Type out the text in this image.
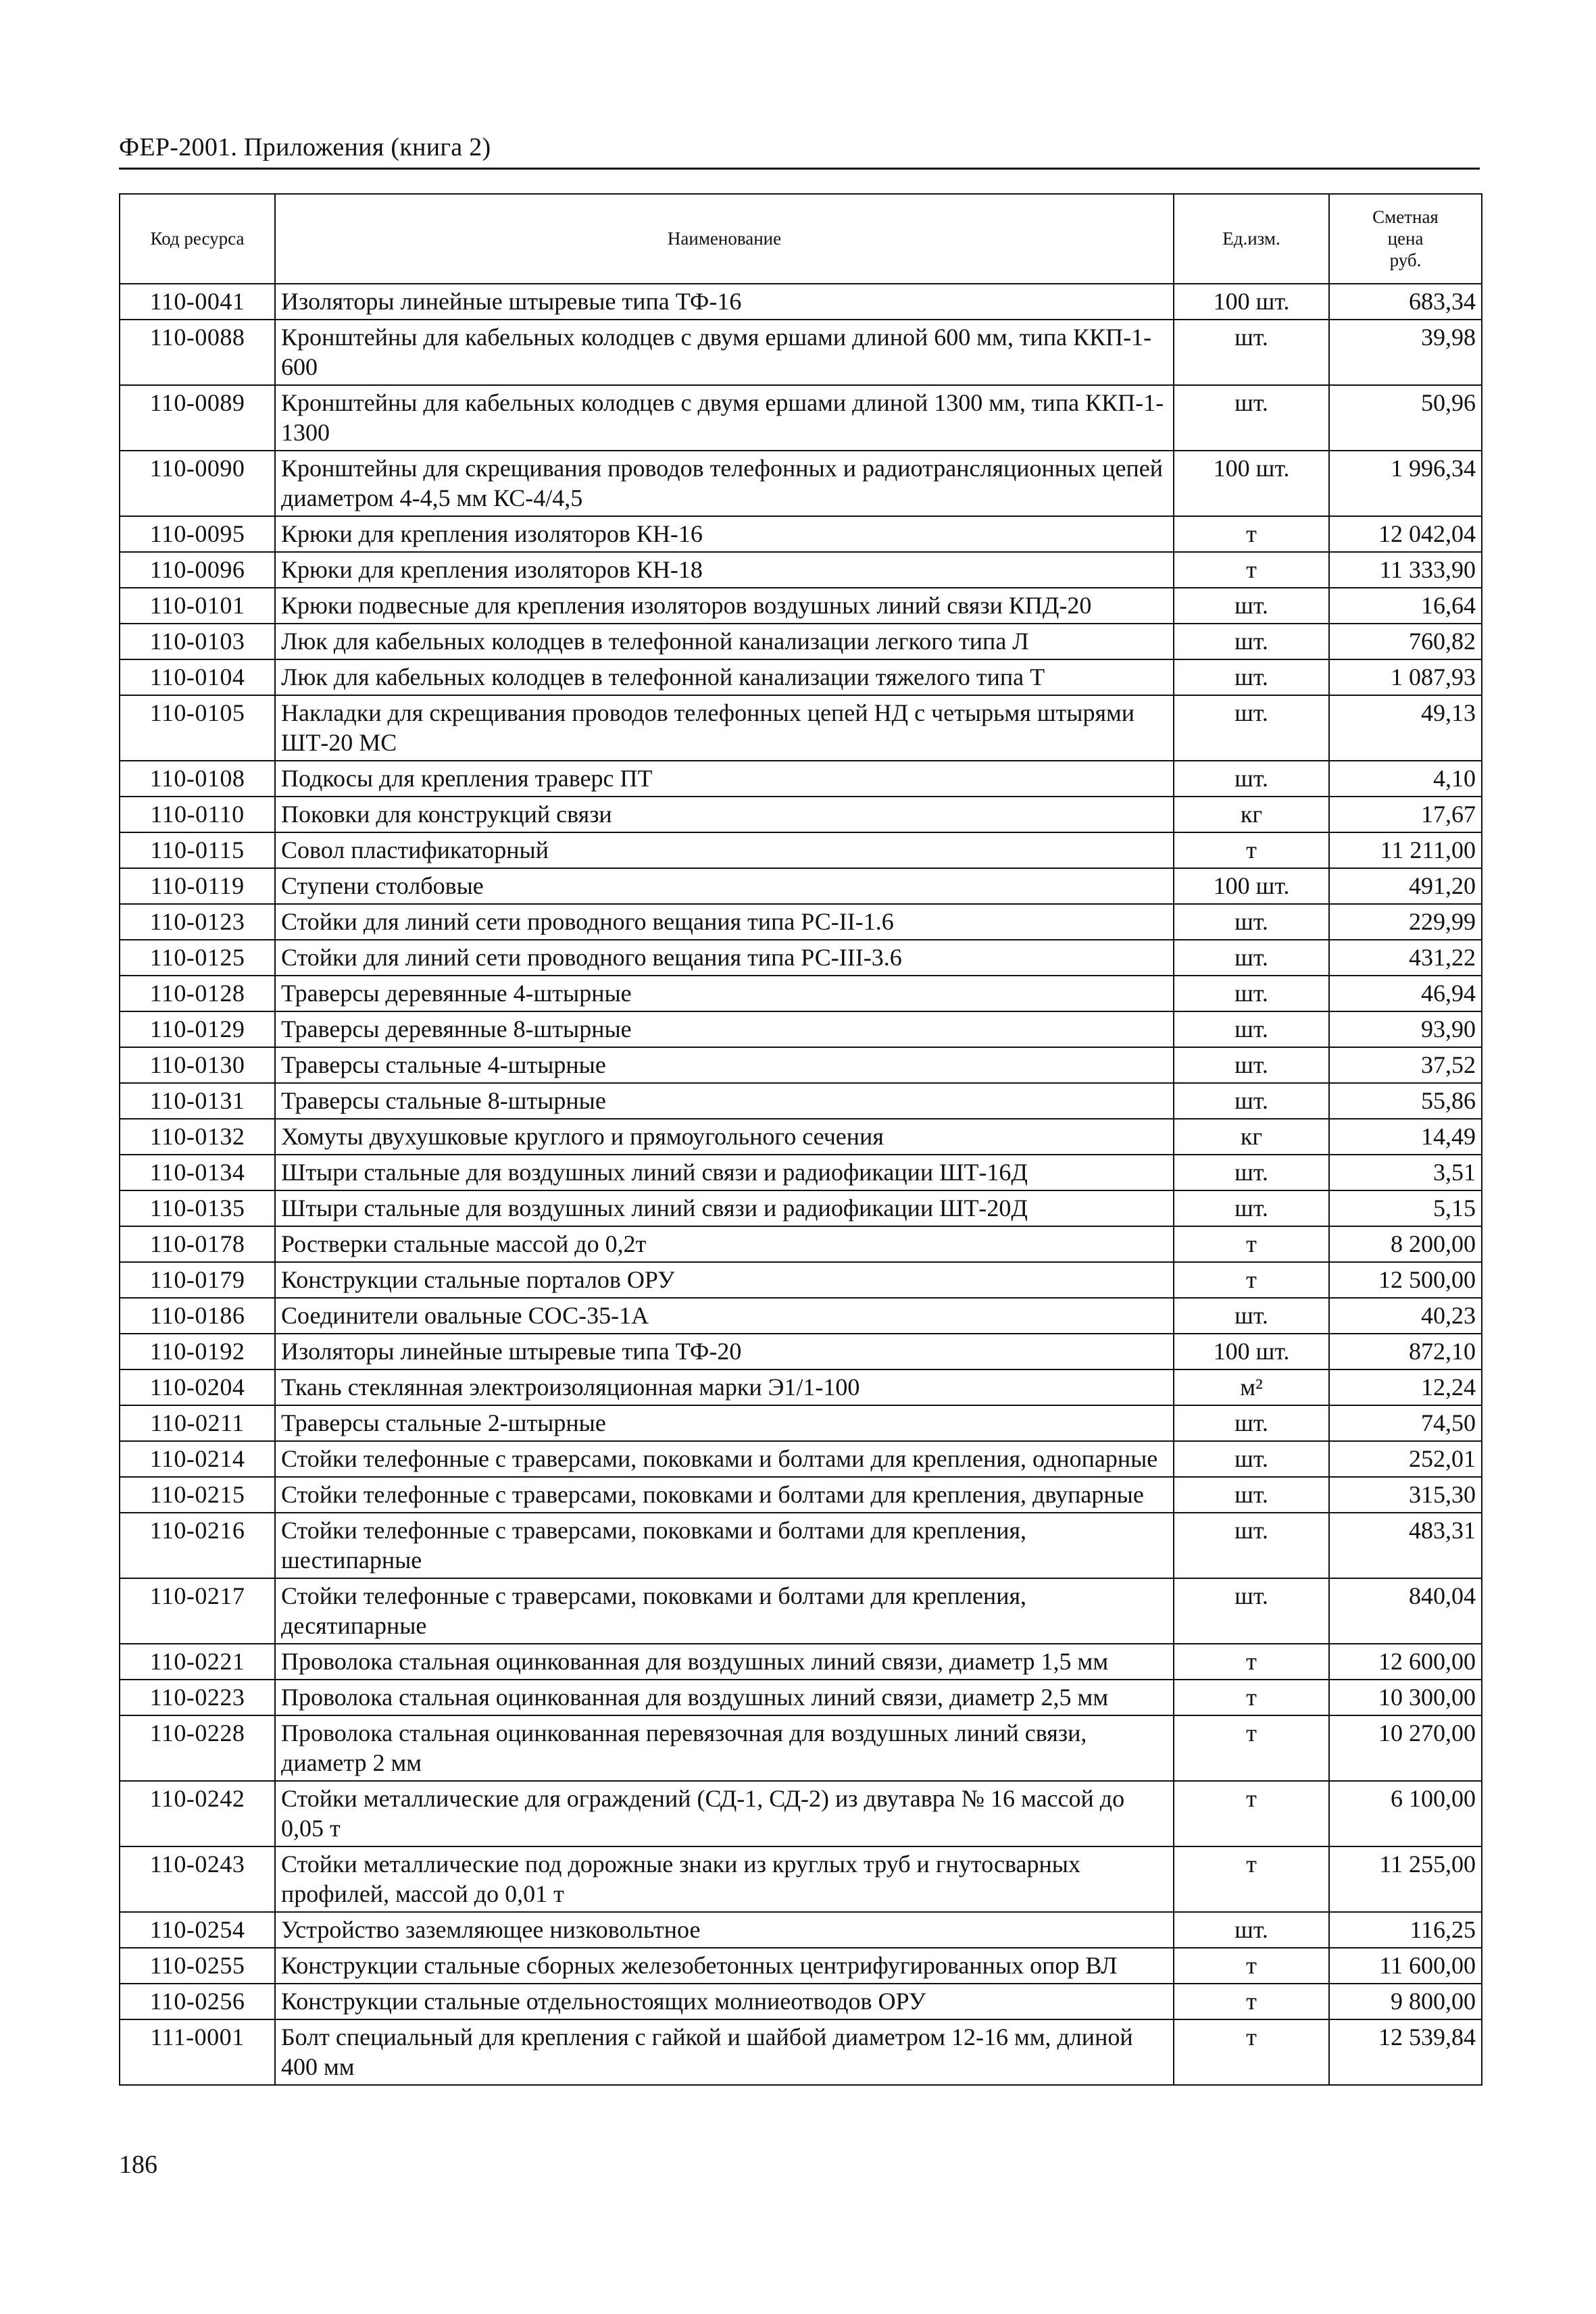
ФЕР-2001. Приложения (книга 2)
Код ресурса	Наименование	Ед.изм.	Сметная
цена
руб.

110-0041	Изоляторы линейные штыревые типа ТФ-16	100 шт.	683,34
110-0088	Кронштейны для кабельных колодцев с двумя ершами длиной 600 мм, типа ККП-1-600	шт.	39,98
110-0089	Кронштейны для кабельных колодцев с двумя ершами длиной 1300 мм, типа ККП-1-1300	шт.	50,96
110-0090	Кронштейны для скрещивания проводов телефонных и радиотрансляционных цепей диаметром 4-4,5 мм КС-4/4,5	100 шт.	1 996,34
110-0095	Крюки для крепления изоляторов КН-16	т	12 042,04
110-0096	Крюки для крепления изоляторов КН-18	т	11 333,90
110-0101	Крюки подвесные для крепления изоляторов воздушных линий связи КПД-20	шт.	16,64
110-0103	Люк для кабельных колодцев в телефонной канализации легкого типа Л	шт.	760,82
110-0104	Люк для кабельных колодцев в телефонной канализации тяжелого типа Т	шт.	1 087,93
110-0105	Накладки для скрещивания проводов телефонных цепей НД с четырьмя штырями ШТ-20 МС	шт.	49,13
110-0108	Подкосы для крепления траверс ПТ	шт.	4,10
110-0110	Поковки для конструкций связи	кг	17,67
110-0115	Совол пластификаторный	т	11 211,00
110-0119	Ступени столбовые	100 шт.	491,20
110-0123	Стойки для линий сети проводного вещания типа РС-II-1.6	шт.	229,99
110-0125	Стойки для линий сети проводного вещания типа РС-III-3.6	шт.	431,22
110-0128	Траверсы деревянные 4-штырные	шт.	46,94
110-0129	Траверсы деревянные 8-штырные	шт.	93,90
110-0130	Траверсы стальные 4-штырные	шт.	37,52
110-0131	Траверсы стальные 8-штырные	шт.	55,86
110-0132	Хомуты двухушковые круглого и прямоугольного сечения	кг	14,49
110-0134	Штыри стальные для воздушных линий связи и радиофикации ШТ-16Д	шт.	3,51
110-0135	Штыри стальные для воздушных линий связи и радиофикации ШТ-20Д	шт.	5,15
110-0178	Ростверки стальные массой до 0,2т	т	8 200,00
110-0179	Конструкции стальные порталов ОРУ	т	12 500,00
110-0186	Соединители овальные СОС-35-1А	шт.	40,23
110-0192	Изоляторы линейные штыревые типа ТФ-20	100 шт.	872,10
110-0204	Ткань стеклянная электроизоляционная марки Э1/1-100	м²	12,24
110-0211	Траверсы стальные 2-штырные	шт.	74,50
110-0214	Стойки телефонные с траверсами, поковками и болтами для крепления, однопарные	шт.	252,01
110-0215	Стойки телефонные с траверсами, поковками и болтами для крепления, двупарные	шт.	315,30
110-0216	Стойки телефонные с траверсами, поковками и болтами для крепления, шестипарные	шт.	483,31
110-0217	Стойки телефонные с траверсами, поковками и болтами для крепления, десятипарные	шт.	840,04
110-0221	Проволока стальная оцинкованная для воздушных линий связи, диаметр 1,5 мм	т	12 600,00
110-0223	Проволока стальная оцинкованная для воздушных линий связи, диаметр 2,5 мм	т	10 300,00
110-0228	Проволока стальная оцинкованная перевязочная для воздушных линий связи, диаметр 2 мм	т	10 270,00
110-0242	Стойки металлические для ограждений (СД-1, СД-2) из двутавра № 16 массой до 0,05 т	т	6 100,00
110-0243	Стойки металлические под дорожные знаки из круглых труб и гнутосварных профилей, массой до 0,01 т	т	11 255,00
110-0254	Устройство заземляющее низковольтное	шт.	116,25
110-0255	Конструкции стальные сборных железобетонных центрифугированных опор ВЛ	т	11 600,00
110-0256	Конструкции стальные отдельностоящих молниеотводов ОРУ	т	9 800,00
111-0001	Болт специальный для крепления с гайкой и шайбой диаметром 12-16 мм, длиной 400 мм	т	12 539,84
186
